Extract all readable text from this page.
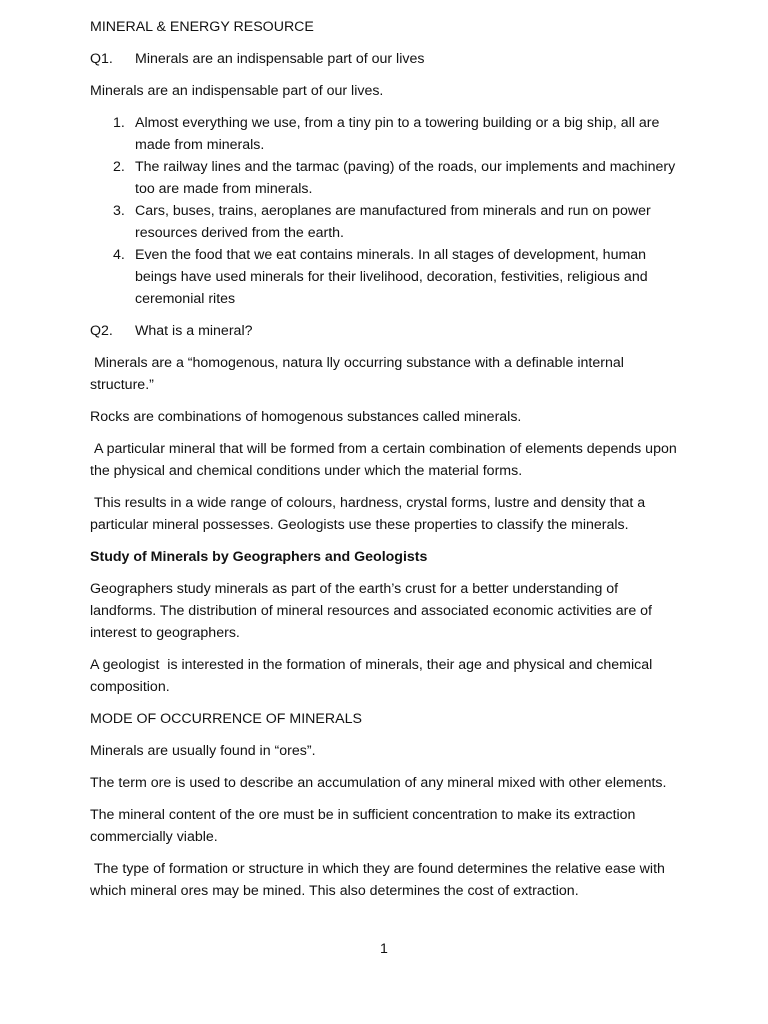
MINERAL & ENERGY RESOURCE

Q1.	Minerals are an indispensable part of our lives

Minerals are an indispensable part of our lives.

1. Almost everything we use, from a tiny pin to a towering building or a big ship, all are made from minerals.
2. The railway lines and the tarmac (paving) of the roads, our implements and machinery too are made from minerals.
3. Cars, buses, trains, aeroplanes are manufactured from minerals and run on power resources derived from the earth.
4. Even the food that we eat contains minerals. In all stages of development, human beings have used minerals for their livelihood, decoration, festivities, religious and ceremonial rites
Q2.	What is a mineral?

Minerals are a “homogenous, natura lly occurring substance with a definable internal structure.”

Rocks are combinations of homogenous substances called minerals.

A particular mineral that will be formed from a certain combination of elements depends upon the physical and chemical conditions under which the material forms.

This results in a wide range of colours, hardness, crystal forms, lustre and density that a particular mineral possesses. Geologists use these properties to classify the minerals.

Study of Minerals by Geographers and Geologists

Geographers study minerals as part of the earth’s crust for a better understanding of landforms. The distribution of mineral resources and associated economic activities are of interest to geographers.

A geologist  is interested in the formation of minerals, their age and physical and chemical composition.

MODE OF OCCURRENCE OF MINERALS

Minerals are usually found in “ores”.

The term ore is used to describe an accumulation of any mineral mixed with other elements.

The mineral content of the ore must be in sufficient concentration to make its extraction commercially viable.

The type of formation or structure in which they are found determines the relative ease with which mineral ores may be mined. This also determines the cost of extraction.

1
